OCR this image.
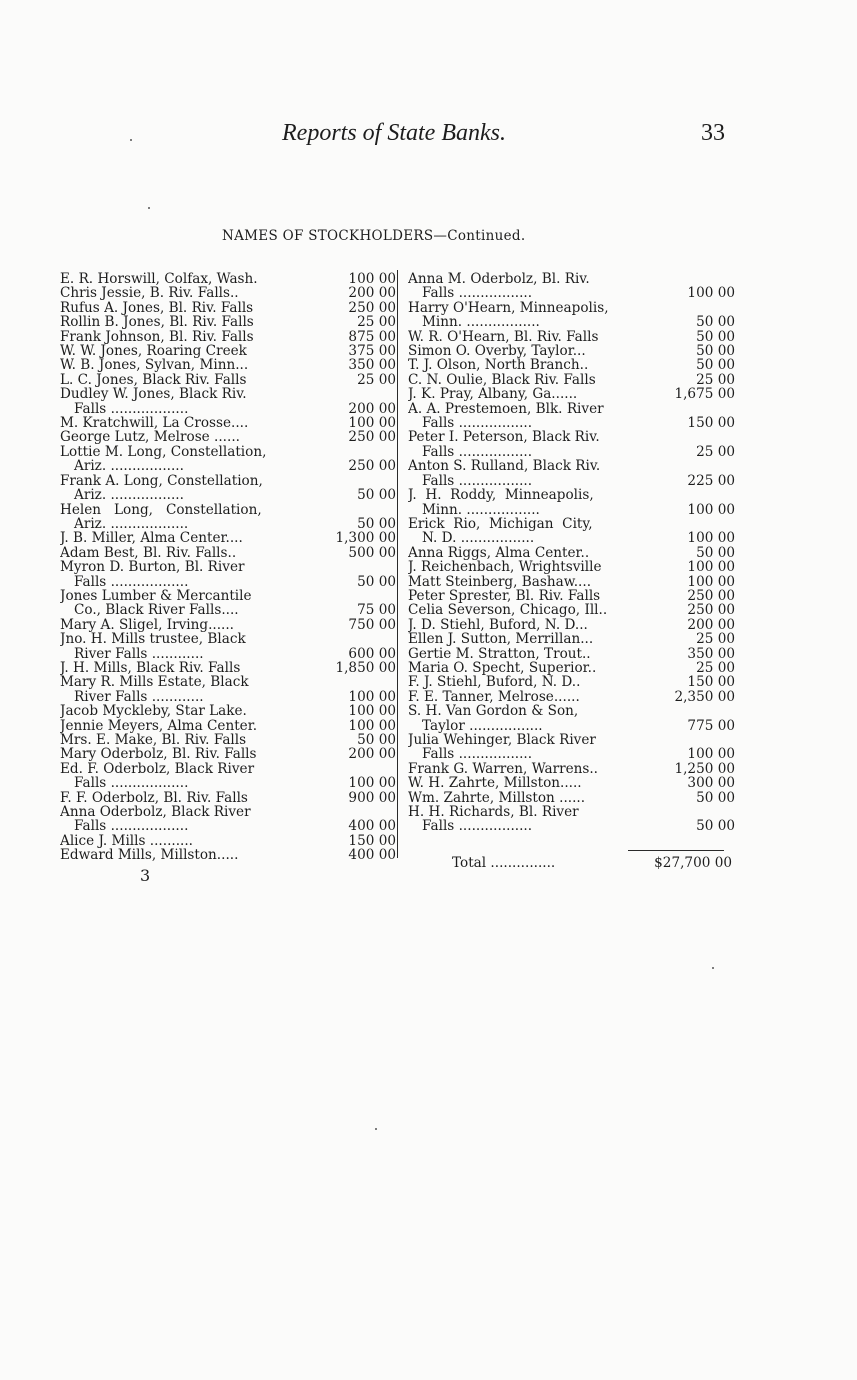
Reports of State Banks.	33
NAMES OF STOCKHOLDERS—Continued.
E. R. Horswill, Colfax, Wash.	100 00
Chris Jessie, B. Riv. Falls..	200 00
Rufus A. Jones, Bl. Riv. Falls	250 00
Rollin B. Jones, Bl. Riv. Falls	25 00
Frank Johnson, Bl. Riv. Falls	875 00
W. W. Jones, Roaring Creek	375 00
W. B. Jones, Sylvan, Minn...	350 00
L. C. Jones, Black Riv. Falls	25 00
Dudley W. Jones, Black Riv.
Falls ..................	200 00
M. Kratchwill, La Crosse....	100 00
George Lutz, Melrose ......	250 00
Lottie M. Long, Constellation,
Ariz. .................	250 00
Frank A. Long, Constellation,
Ariz. .................	50 00
Helen   Long,   Constellation,
Ariz. ..................	50 00
J. B. Miller, Alma Center....	1,300 00
Adam Best, Bl. Riv. Falls..	500 00
Myron D. Burton, Bl. River
Falls ..................	50 00
Jones Lumber & Mercantile
Co., Black River Falls....	75 00
Mary A. Sligel, Irving......	750 00
Jno. H. Mills trustee, Black
River Falls ............	600 00
J. H. Mills, Black Riv. Falls	1,850 00
Mary R. Mills Estate, Black
River Falls ............	100 00
Jacob Myckleby, Star Lake.	100 00
Jennie Meyers, Alma Center.	100 00
Mrs. E. Make, Bl. Riv. Falls	50 00
Mary Oderbolz, Bl. Riv. Falls	200 00
Ed. F. Oderbolz, Black River
Falls ..................	100 00
F. F. Oderbolz, Bl. Riv. Falls	900 00
Anna Oderbolz, Black River
Falls ..................	400 00
Alice J. Mills ..........	150 00
Edward Mills, Millston.....	400 00
Anna M. Oderbolz, Bl. Riv.
Falls .................	100 00
Harry O'Hearn, Minneapolis,
Minn. .................	50 00
W. R. O'Hearn, Bl. Riv. Falls	50 00
Simon O. Overby, Taylor...	50 00
T. J. Olson, North Branch..	50 00
C. N. Oulie, Black Riv. Falls	25 00
J. K. Pray, Albany, Ga......	1,675 00
A. A. Prestemoen, Blk. River
Falls .................	150 00
Peter I. Peterson, Black Riv.
Falls .................	25 00
Anton S. Rulland, Black Riv.
Falls .................	225 00
J.  H.  Roddy,  Minneapolis,
Minn. .................	100 00
Erick  Rio,  Michigan  City,
N. D. .................	100 00
Anna Riggs, Alma Center..	50 00
J. Reichenbach, Wrightsville	100 00
Matt Steinberg, Bashaw....	100 00
Peter Sprester, Bl. Riv. Falls	250 00
Celia Severson, Chicago, Ill..	250 00
J. D. Stiehl, Buford, N. D...	200 00
Ellen J. Sutton, Merrillan...	25 00
Gertie M. Stratton, Trout..	350 00
Maria O. Specht, Superior..	25 00
F. J. Stiehl, Buford, N. D..	150 00
F. E. Tanner, Melrose......	2,350 00
S. H. Van Gordon & Son,
Taylor .................	775 00
Julia Wehinger, Black River
Falls .................	100 00
Frank G. Warren, Warrens..	1,250 00
W. H. Zahrte, Millston.....	300 00
Wm. Zahrte, Millston ......	50 00
H. H. Richards, Bl. River
Falls .................	50 00
Total ...............	$27,700 00
3
